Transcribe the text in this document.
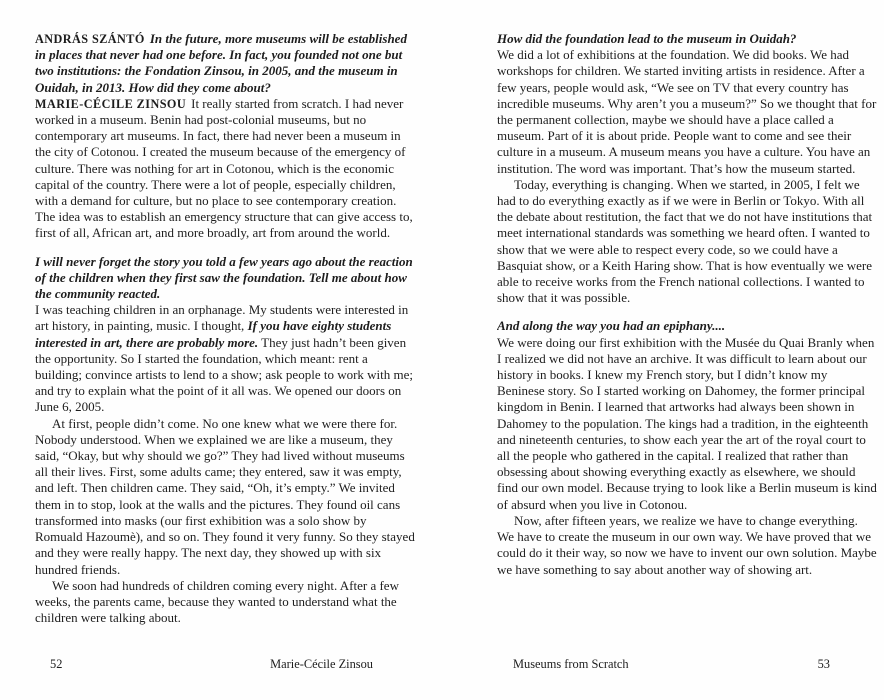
ANDRÁS SZÁNTÓ In the future, more museums will be established in places that never had one before. In fact, you founded not one but two institutions: the Fondation Zinsou, in 2005, and the museum in Ouidah, in 2013. How did they come about?

MARIE-CÉCILE ZINSOU It really started from scratch. I had never worked in a museum. Benin had post-colonial museums, but no contemporary art museums. In fact, there had never been a museum in the city of Cotonou. I created the museum because of the emergency of culture. There was nothing for art in Cotonou, which is the economic capital of the country. There were a lot of people, especially children, with a demand for culture, but no place to see contemporary creation. The idea was to establish an emergency structure that can give access to, first of all, African art, and more broadly, art from around the world.

I will never forget the story you told a few years ago about the reaction of the children when they first saw the foundation. Tell me about how the community reacted.

I was teaching children in an orphanage. My students were interested in art history, in painting, music. I thought, If you have eighty students interested in art, there are probably more. They just hadn’t been given the opportunity. So I started the foundation, which meant: rent a building; convince artists to lend to a show; ask people to work with me; and try to explain what the point of it all was. We opened our doors on June 6, 2005.

At first, people didn’t come. No one knew what we were there for. Nobody understood. When we explained we are like a museum, they said, “Okay, but why should we go?” They had lived without museums all their lives. First, some adults came; they entered, saw it was empty, and left. Then children came. They said, “Oh, it’s empty.” We invited them in to stop, look at the walls and the pictures. They found oil cans transformed into masks (our first exhibition was a solo show by Romuald Hazoumè), and so on. They found it very funny. So they stayed and they were really happy. The next day, they showed up with six hundred friends.

We soon had hundreds of children coming every night. After a few weeks, the parents came, because they wanted to understand what the children were talking about.

How did the foundation lead to the museum in Ouidah?

We did a lot of exhibitions at the foundation. We did books. We had workshops for children. We started inviting artists in residence. After a few years, people would ask, “We see on TV that every country has incredible museums. Why aren’t you a museum?” So we thought that for the permanent collection, maybe we should have a place called a museum. Part of it is about pride. People want to come and see their culture in a museum. A museum means you have a culture. You have an institution. The word was important. That’s how the museum started.

Today, everything is changing. When we started, in 2005, I felt we had to do everything exactly as if we were in Berlin or Tokyo. With all the debate about restitution, the fact that we do not have institutions that meet international standards was something we heard often. I wanted to show that we were able to respect every code, so we could have a Basquiat show, or a Keith Haring show. That is how eventually we were able to receive works from the French national collections. I wanted to show that it was possible.

And along the way you had an epiphany....

We were doing our first exhibition with the Musée du Quai Branly when I realized we did not have an archive. It was difficult to learn about our history in books. I knew my French story, but I didn’t know my Beninese story. So I started working on Dahomey, the former principal kingdom in Benin. I learned that artworks had always been shown in Dahomey to the population. The kings had a tradition, in the eighteenth and nineteenth centuries, to show each year the art of the royal court to all the people who gathered in the capital. I realized that rather than obsessing about showing everything exactly as elsewhere, we should find our own model. Because trying to look like a Berlin museum is kind of absurd when you live in Cotonou.

Now, after fifteen years, we realize we have to change everything. We have to create the museum in our own way. We have proved that we could do it their way, so now we have to invent our own solution. Maybe we have something to say about another way of showing art.

52	Marie-Cécile Zinsou	Museums from Scratch	53
